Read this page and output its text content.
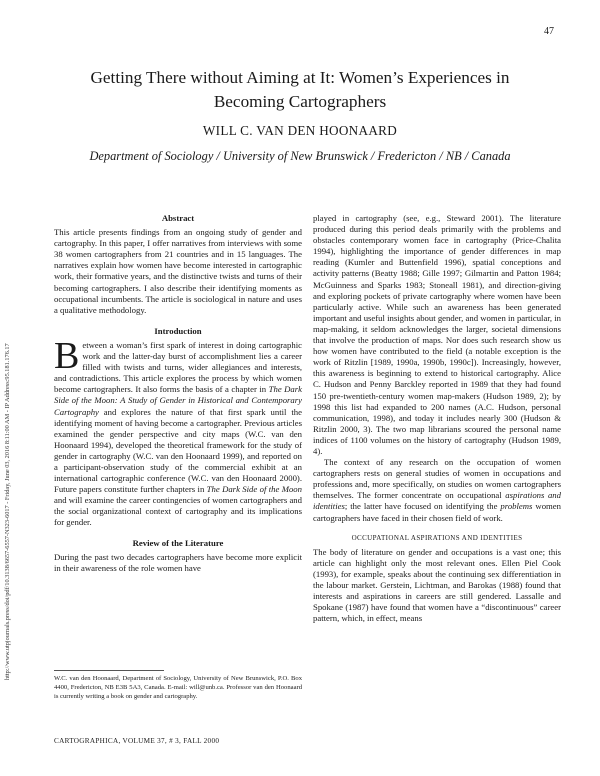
47
http://www.utpjournals.press/doi/pdf/10.3138/6657-6557-N323-6017 - Friday, June 03, 2016 8:11:00 AM - IP Address:95.181.176.17
Getting There without Aiming at It: Women’s Experiences in
Becoming Cartographers
WILL C. VAN DEN HOONAARD
Department of Sociology / University of New Brunswick / Fredericton / NB / Canada
Abstract

This article presents findings from an ongoing study of gender and cartography. In this paper, I offer narratives from interviews with some 38 women cartographers from 21 countries and in 15 languages. The narratives explain how women have become interested in cartographic work, their formative years, and the distinctive twists and turns of their becoming cartographers. I also describe their identifying moments as occupational incumbents. The article is sociological in nature and uses a qualitative methodology.

Introduction

Between a woman’s first spark of interest in doing cartographic work and the latter-day burst of accomplishment lies a career filled with twists and turns, wider allegiances and interests, and contradictions. This article explores the process by which women become cartographers. It also forms the basis of a chapter in The Dark Side of the Moon: A Study of Gender in Historical and Contemporary Cartography and explores the nature of that first spark until the identifying moment of having become a cartographer. Previous articles examined the gender perspective and city maps (W.C. van den Hoonaard 1994), developed the theoretical framework for the study of gender in cartography (W.C. van den Hoonaard 1999), and reported on a participant-observation study of the commercial exhibit at an international cartographic conference (W.C. van den Hoonaard 2000). Future papers constitute further chapters in The Dark Side of the Moon and will examine the career contingencies of women cartographers and the social organizational context of cartography and its implications for gender.

Review of the Literature

During the past two decades cartographers have become more explicit in their awareness of the role women have

played in cartography (see, e.g., Steward 2001). The literature produced during this period deals primarily with the problems and obstacles contemporary women face in cartography (Price-Chalita 1994), highlighting the importance of gender differences in map reading (Kumler and Buttenfield 1996), spatial conceptions and activity patterns (Beatty 1988; Gille 1997; Gilmartin and Patton 1984; McGuinness and Sparks 1983; Stoneall 1981), and direction-giving and exploring pockets of private cartography where women have been particularly active. While such an awareness has been generated important and useful insights about gender, and women in particular, in map-making, it seldom acknowledges the larger, societal dimensions that involve the production of maps. Nor does such research show us how women have contributed to the field (a notable exception is the work of Ritzlin [1989, 1990a, 1990b, 1990c]). Increasingly, however, this awareness is beginning to extend to historical cartography. Alice C. Hudson and Penny Barckley reported in 1989 that they had found 150 pre-twentieth-century women map-makers (Hudson 1989, 2); by 1998 this list had expanded to 200 names (A.C. Hudson, personal communication, 1998), and today it includes nearly 300 (Hudson & Ritzlin 2000, 3). The two map librarians scoured the personal name indices of 1100 volumes on the history of cartography (Hudson 1989, 4).

The context of any research on the occupation of women cartographers rests on general studies of women in occupations and professions and, more specifically, on studies on women cartographers themselves. The former concentrate on occupational aspirations and identities; the latter have focused on identifying the problems women cartographers have faced in their chosen field of work.

OCCUPATIONAL ASPIRATIONS AND IDENTITIES

The body of literature on gender and occupations is a vast one; this article can highlight only the most relevant ones. Ellen Piel Cook (1993), for example, speaks about the continuing sex differentiation in the labour market. Gerstein, Lichtman, and Barokas (1988) found that interests and aspirations in careers are still gendered. Lassalle and Spokane (1987) have found that women have a “discontinuous” career pattern, which, in effect, means

W.C. van den Hoonaard, Department of Sociology, University of New Brunswick, P.O. Box 4400, Fredericton, NB E3B 5A3, Canada. E-mail: will@unb.ca. Professor van den Hoonaard is currently writing a book on gender and cartography.
CARTOGRAPHICA, VOLUME 37, # 3, FALL 2000
